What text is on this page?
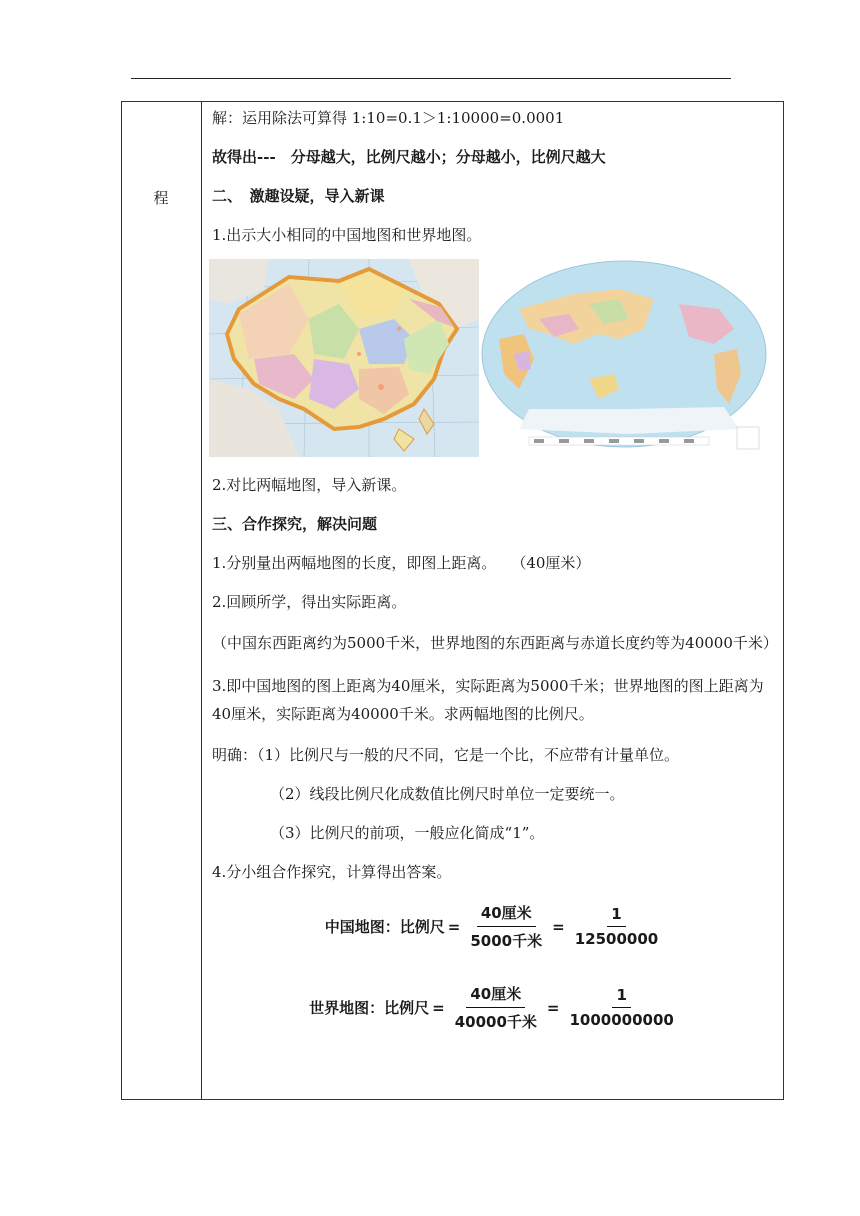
程

解：运用除法可算得 1:10=0.1＞1:10000=0.0001

故得出---　分母越大，比例尺越小；分母越小，比例尺越大

二、　激趣设疑，导入新课

1.出示大小相同的中国地图和世界地图。

2.对比两幅地图，导入新课。

三、合作探究，解决问题

1.分别量出两幅地图的长度，即图上距离。　　（40厘米）

2.回顾所学，得出实际距离。

（中国东西距离约为5000千米，世界地图的东西距离与赤道长度约等为40000千米）

3.即中国地图的图上距离为40厘米，实际距离为5000千米；世界地图的图上距离为40厘米，实际距离为40000千米。求两幅地图的比例尺。

明确：（1）比例尺与一般的尺不同，它是一个比，不应带有计量单位。

（2）线段比例尺化成数值比例尺时单位一定要统一。

（3）比例尺的前项，一般应化简成“1”。

4.分小组合作探究，计算得出答案。

中国地图：比例尺 = $\frac{\text{40厘米}}{\text{5000千米}} = \frac{1}{12500000}$
世界地图：比例尺 = $\frac{\text{40厘米}}{\text{40000千米}} = \frac{1}{1000000000}$
